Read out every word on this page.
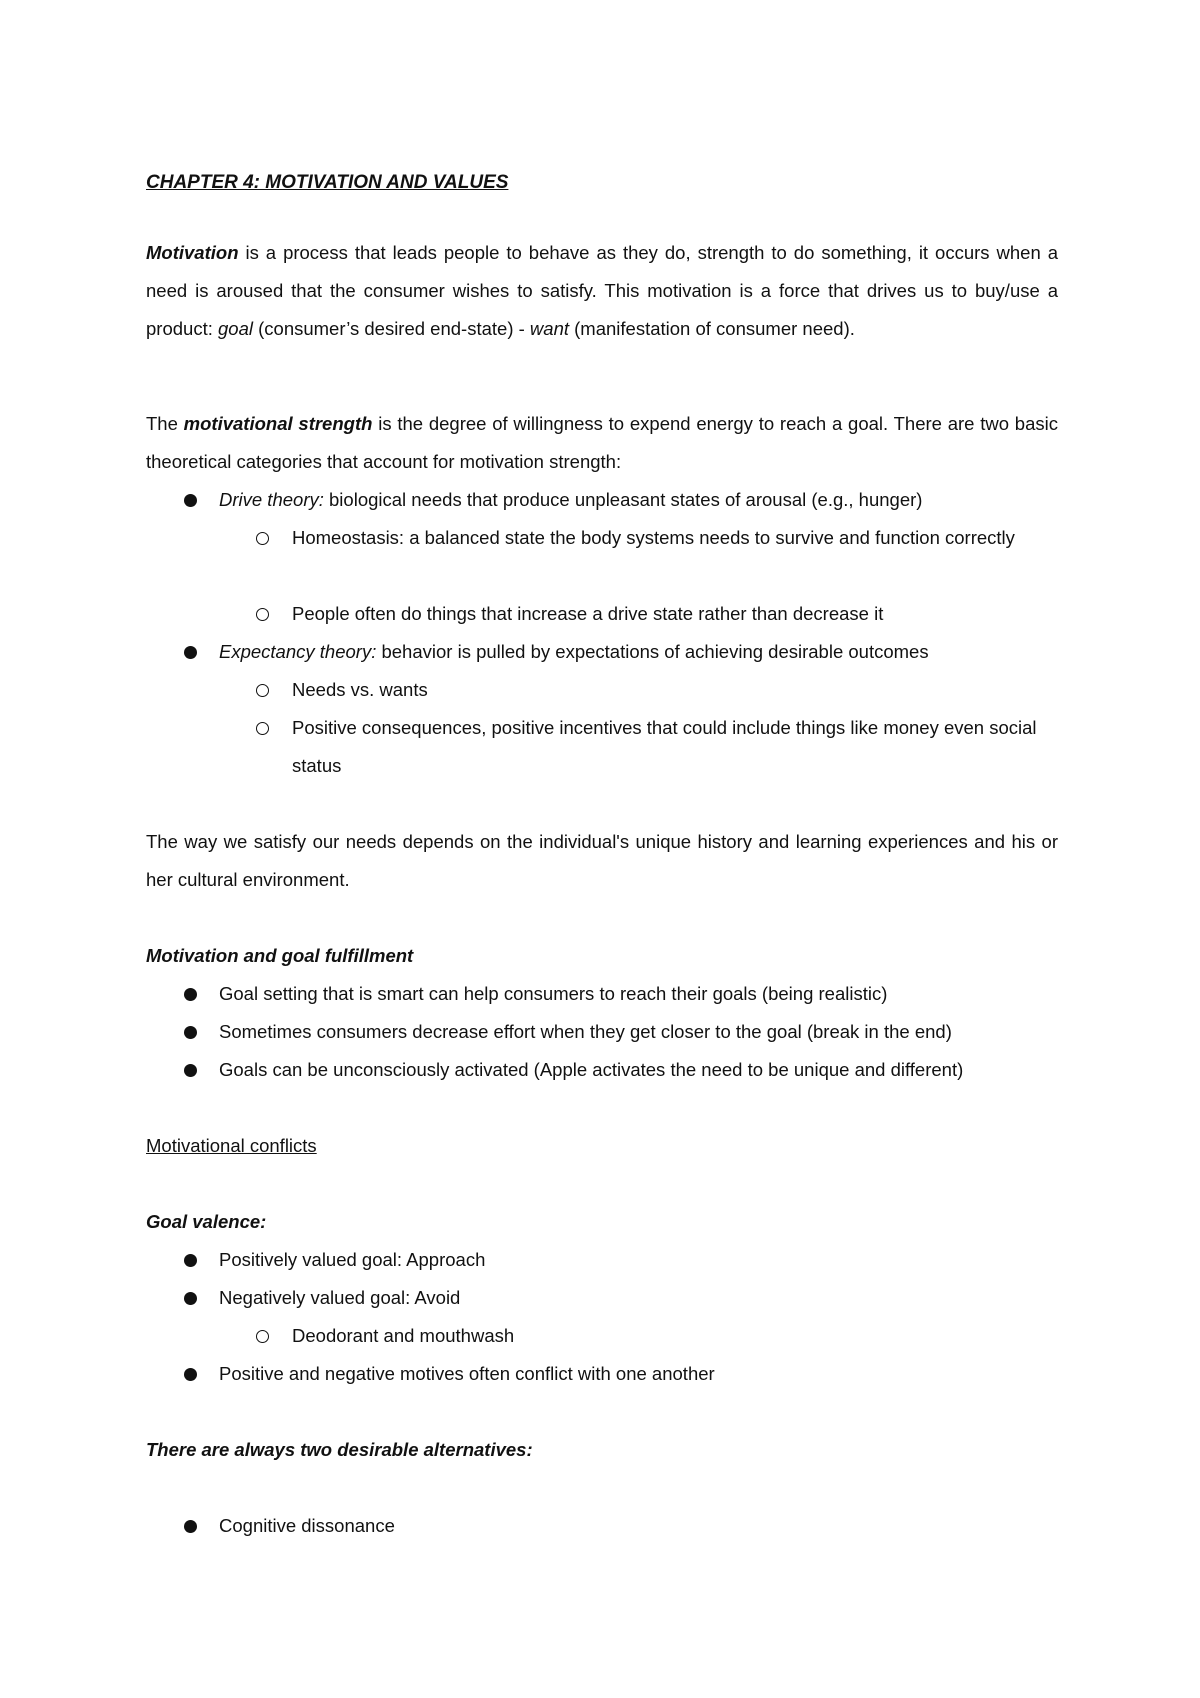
CHAPTER 4: MOTIVATION AND VALUES

Motivation is a process that leads people to behave as they do, strength to do something, it occurs when a need is aroused that the consumer wishes to satisfy. This motivation is a force that drives us to buy/use a product: goal (consumer’s desired end-state) - want (manifestation of consumer need).

The motivational strength is the degree of willingness to expend energy to reach a goal. There are two basic theoretical categories that account for motivation strength:

Drive theory: biological needs that produce unpleasant states of arousal (e.g., hunger)
Homeostasis: a balanced state the body systems needs to survive and function correctly
People often do things that increase a drive state rather than decrease it
Expectancy theory: behavior is pulled by expectations of achieving desirable outcomes
Needs vs. wants
Positive consequences, positive incentives that could include things like money even social status

The way we satisfy our needs depends on the individual's unique history and learning experiences and his or her cultural environment.

Motivation and goal fulfillment
Goal setting that is smart can help consumers to reach their goals (being realistic)
Sometimes consumers decrease effort when they get closer to the goal (break in the end)
Goals can be unconsciously activated (Apple activates the need to be unique and different)
Motivational conflicts
Goal valence:
Positively valued goal: Approach
Negatively valued goal: Avoid
Deodorant and mouthwash
Positive and negative motives often conflict with one another
There are always two desirable alternatives:
Cognitive dissonance
